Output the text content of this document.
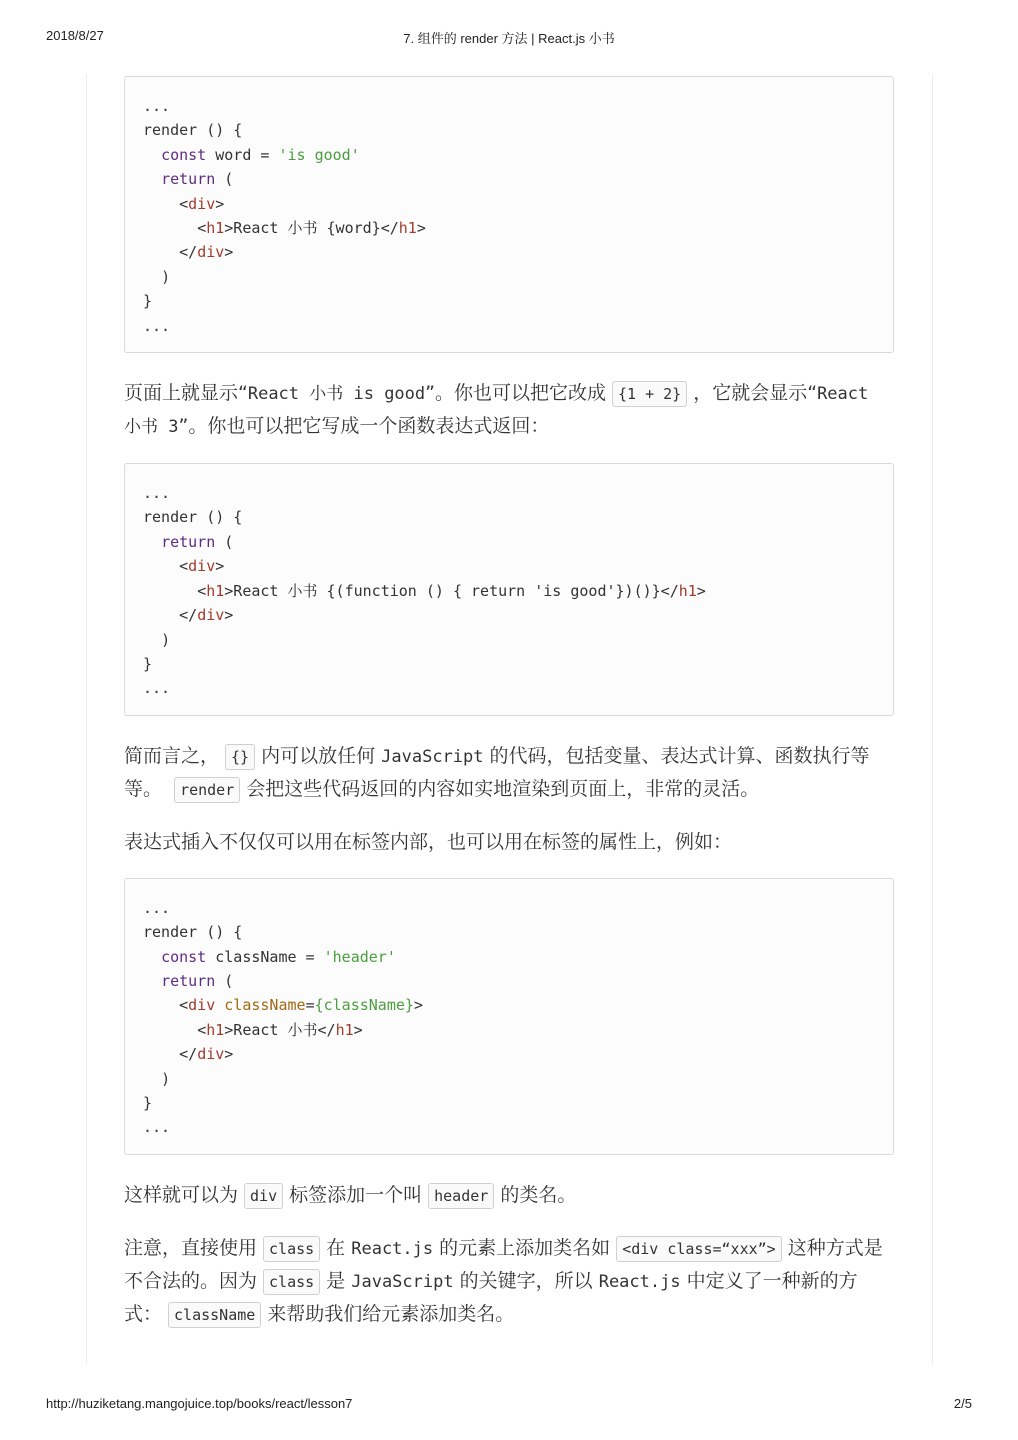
2018/8/27	7. 组件的 render 方法 | React.js 小书
...
render () {
const word = 'is good'
return (
<div>
<h1>React 小书 {word}</h1>
</div>
)
}
...

页面上就显示“React 小书 is good”。你也可以把它改成 {1 + 2} ，它就会显示“React 小书 3”。你也可以把它写成一个函数表达式返回：

...
render () {
return (
<div>
<h1>React 小书 {(function () { return 'is good'})()}</h1>
</div>
)
}
...

简而言之， {} 内可以放任何 JavaScript 的代码，包括变量、表达式计算、函数执行等等。 render 会把这些代码返回的内容如实地渲染到页面上，非常的灵活。

表达式插入不仅仅可以用在标签内部，也可以用在标签的属性上，例如：

...
render () {
const className = 'header'
return (
<div className={className}>
<h1>React 小书</h1>
</div>
)
}
...

这样就可以为 div 标签添加一个叫 header 的类名。

注意，直接使用 class 在 React.js 的元素上添加类名如 <div class=“xxx”> 这种方式是不合法的。因为 class 是 JavaScript 的关键字，所以 React.js 中定义了一种新的方式： className 来帮助我们给元素添加类名。

http://huziketang.mangojuice.top/books/react/lesson7	2/5
